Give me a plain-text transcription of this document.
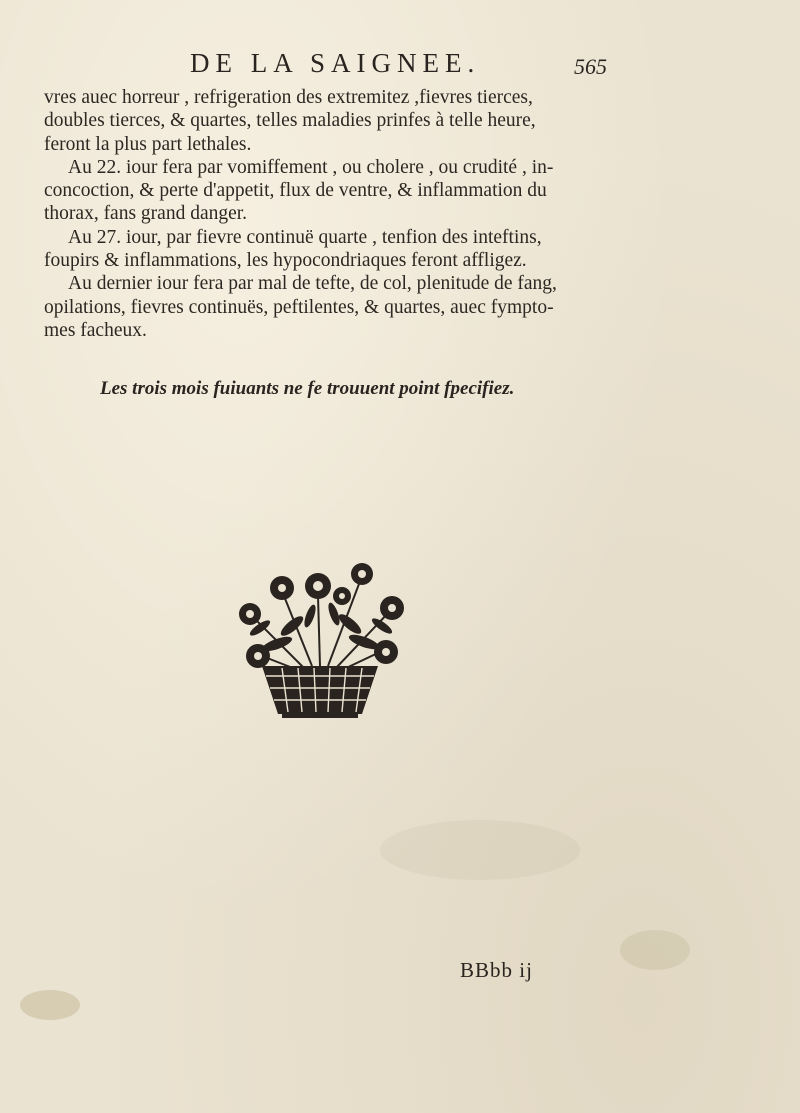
DE LA SAIGNEE.	565
vres auec horreur , refrigeration des extremitez ,fievres tierces,
doubles tierces, & quartes, telles maladies prinfes à telle heure,
feront la plus part lethales.
Au 22. iour fera par vomiffement , ou cholere , ou crudité , in-
concoction, & perte d'appetit, flux de ventre, & inflammation du
thorax, fans grand danger.
Au 27. iour, par fievre continuë quarte , tenfion des inteftins,
foupirs & inflammations, les hypocondriaques feront affligez.
Au dernier iour fera par mal de tefte, de col, plenitude de fang,
opilations, fievres continuës, peftilentes, & quartes, auec fympto-
mes facheux.
Les trois mois fuiuants ne fe trouuent point fpecifiez.
BBbb ij
